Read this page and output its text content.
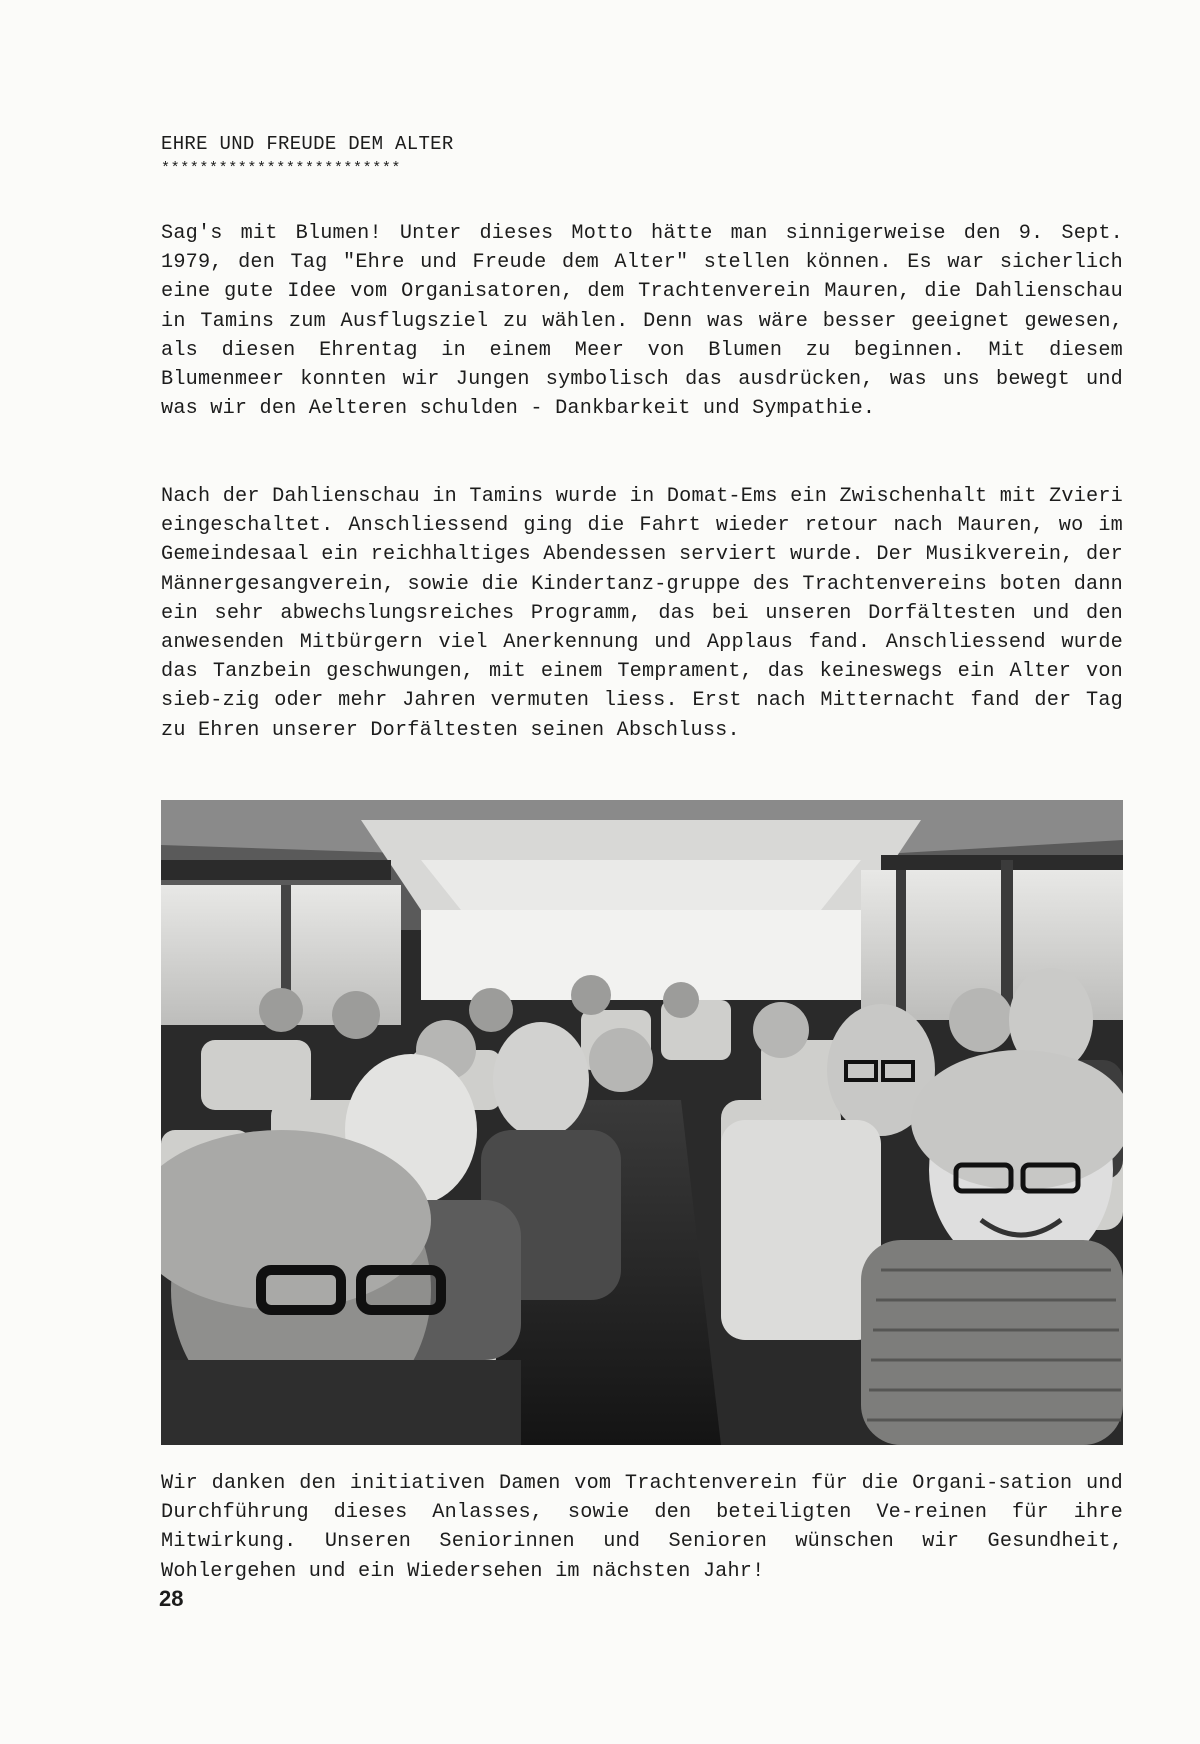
EHRE UND FREUDE DEM ALTER
*************************

Sag's mit Blumen! Unter dieses Motto hätte man sinnigerweise den 9. Sept. 1979, den Tag "Ehre und Freude dem Alter" stellen können. Es war sicherlich eine gute Idee vom Organisatoren, dem Trachtenverein Mauren, die Dahlienschau in Tamins zum Ausflugsziel zu wählen. Denn was wäre besser geeignet gewesen, als diesen Ehrentag in einem Meer von Blumen zu beginnen. Mit diesem Blumenmeer konnten wir Jungen symbolisch das ausdrücken, was uns bewegt und was wir den Aelteren schulden - Dankbarkeit und Sympathie.

Nach der Dahlienschau in Tamins wurde in Domat-Ems ein Zwischenhalt mit Zvieri eingeschaltet. Anschliessend ging die Fahrt wieder retour nach Mauren, wo im Gemeindesaal ein reichhaltiges Abendessen serviert wurde. Der Musikverein, der Männergesangverein, sowie die Kindertanz-gruppe des Trachtenvereins boten dann ein sehr abwechslungsreiches Programm, das bei unseren Dorfältesten und den anwesenden Mitbürgern viel Anerkennung und Applaus fand. Anschliessend wurde das Tanzbein geschwungen, mit einem Temprament, das keineswegs ein Alter von sieb-zig oder mehr Jahren vermuten liess. Erst nach Mitternacht fand der Tag zu Ehren unserer Dorfältesten seinen Abschluss.

Wir danken den initiativen Damen vom Trachtenverein für die Organi-sation und Durchführung dieses Anlasses, sowie den beteiligten Ve-reinen für ihre Mitwirkung. Unseren Seniorinnen und Senioren wünschen wir Gesundheit, Wohlergehen und ein Wiedersehen im nächsten Jahr!

28
